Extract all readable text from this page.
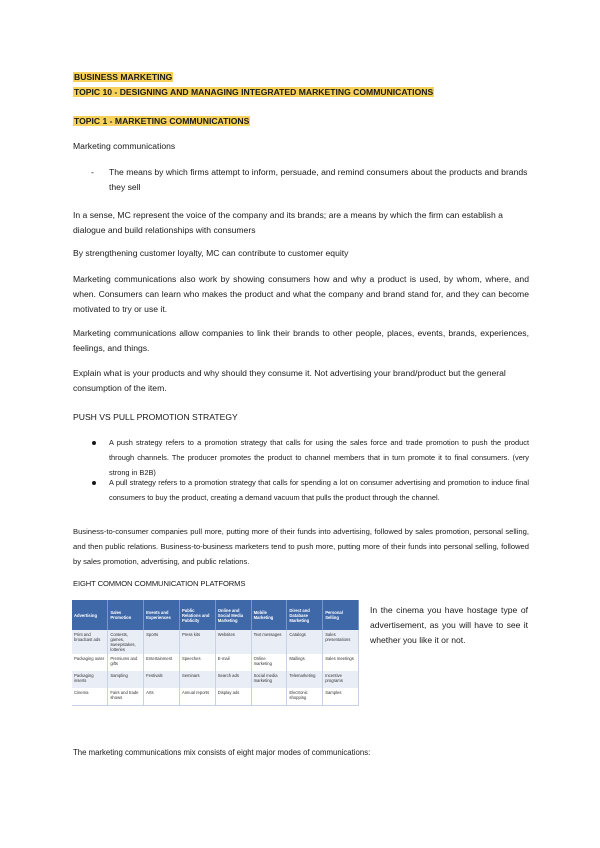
BUSINESS MARKETING

TOPIC 10 - DESIGNING AND MANAGING INTEGRATED MARKETING COMMUNICATIONS

TOPIC 1 - MARKETING COMMUNICATIONS

Marketing communications

- The means by which firms attempt to inform, persuade, and remind consumers about the products and brands they sell

In a sense, MC represent the voice of the company and its brands; are a means by which the firm can establish a dialogue and build relationships with consumers

By strengthening customer loyalty, MC can contribute to customer equity

Marketing communications also work by showing consumers how and why a product is used, by whom, where, and when. Consumers can learn who makes the product and what the company and brand stand for, and they can become motivated to try or use it.

Marketing communications allow companies to link their brands to other people, places, events, brands, experiences, feelings, and things.

Explain what is your products and why should they consume it. Not advertising your brand/product but the general consumption of the item.

PUSH VS PULL PROMOTION STRATEGY

A push strategy refers to a promotion strategy that calls for using the sales force and trade promotion to push the product through channels. The producer promotes the product to channel members that in turn promote it to final consumers. (very strong in B2B)

A pull strategy refers to a promotion strategy that calls for spending a lot on consumer advertising and promotion to induce final consumers to buy the product, creating a demand vacuum that pulls the product through the channel.

Business-to-consumer companies pull more, putting more of their funds into advertising, followed by sales promotion, personal selling, and then public relations. Business-to-business marketers tend to push more, putting more of their funds into personal selling, followed by sales promotion, advertising, and public relations.

EIGHT COMMON COMMUNICATION PLATFORMS

Advertising	Sales Promotion	Events and Experiences	Public Relations and Publicity	Online and Social Media Marketing	Mobile Marketing	Direct and Database Marketing	Personal Selling
Print and broadcast ads	Contests, games, sweepstakes, lotteries	Sports	Press kits	Websites	Text messages	Catalogs	Sales presentations
Packaging outer	Premiums and gifts	Entertainment	Speeches	E-mail	Online marketing	Mailings	Sales meetings
Packaging inserts	Sampling	Festivals	Seminars	Search ads	Social media marketing	Telemarketing	Incentive programs
Cinema	Fairs and trade shows	Arts	Annual reports	Display ads		Electronic shopping	Samples

In the cinema you have hostage type of advertisement, as you will have to see it whether you like it or not.

The marketing communications mix consists of eight major modes of communications:
